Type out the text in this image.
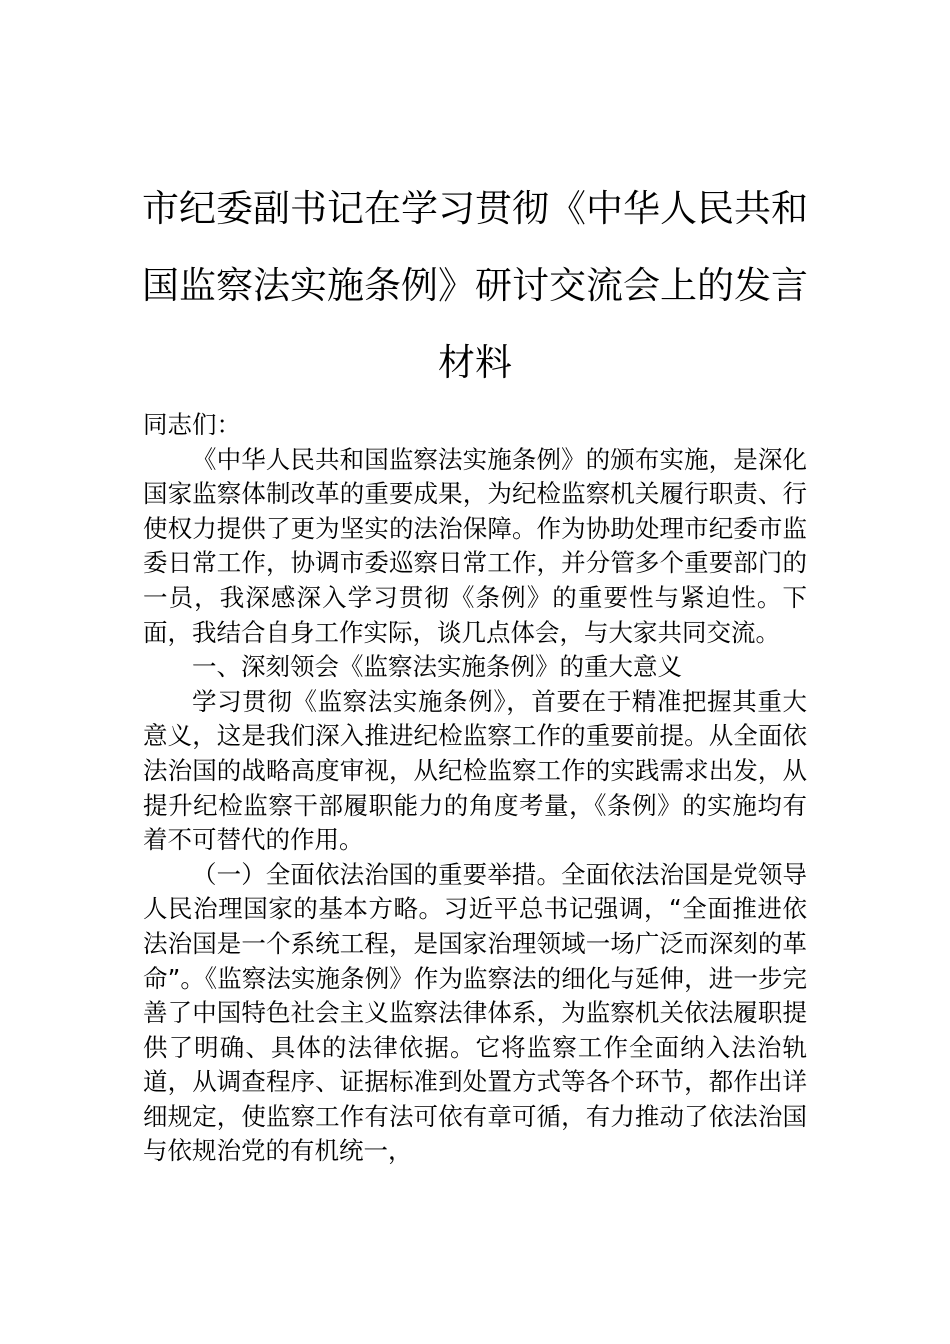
市纪委副书记在学习贯彻《中华人民共和国监察法实施条例》研讨交流会上的发言材料

同志们：

《中华人民共和国监察法实施条例》的颁布实施，是深化国家监察体制改革的重要成果，为纪检监察机关履行职责、行使权力提供了更为坚实的法治保障。作为协助处理市纪委市监委日常工作，协调市委巡察日常工作，并分管多个重要部门的一员，我深感深入学习贯彻《条例》的重要性与紧迫性。下面，我结合自身工作实际，谈几点体会，与大家共同交流。

一、深刻领会《监察法实施条例》的重大意义

学习贯彻《监察法实施条例》，首要在于精准把握其重大意义，这是我们深入推进纪检监察工作的重要前提。从全面依法治国的战略高度审视，从纪检监察工作的实践需求出发，从提升纪检监察干部履职能力的角度考量，《条例》的实施均有着不可替代的作用。

（一）全面依法治国的重要举措。全面依法治国是党领导人民治理国家的基本方略。习近平总书记强调，“全面推进依法治国是一个系统工程，是国家治理领域一场广泛而深刻的革命”。《监察法实施条例》作为监察法的细化与延伸，进一步完善了中国特色社会主义监察法律体系，为监察机关依法履职提供了明确、具体的法律依据。它将监察工作全面纳入法治轨道，从调查程序、证据标准到处置方式等各个环节，都作出详细规定，使监察工作有法可依有章可循，有力推动了依法治国与依规治党的有机统一，
